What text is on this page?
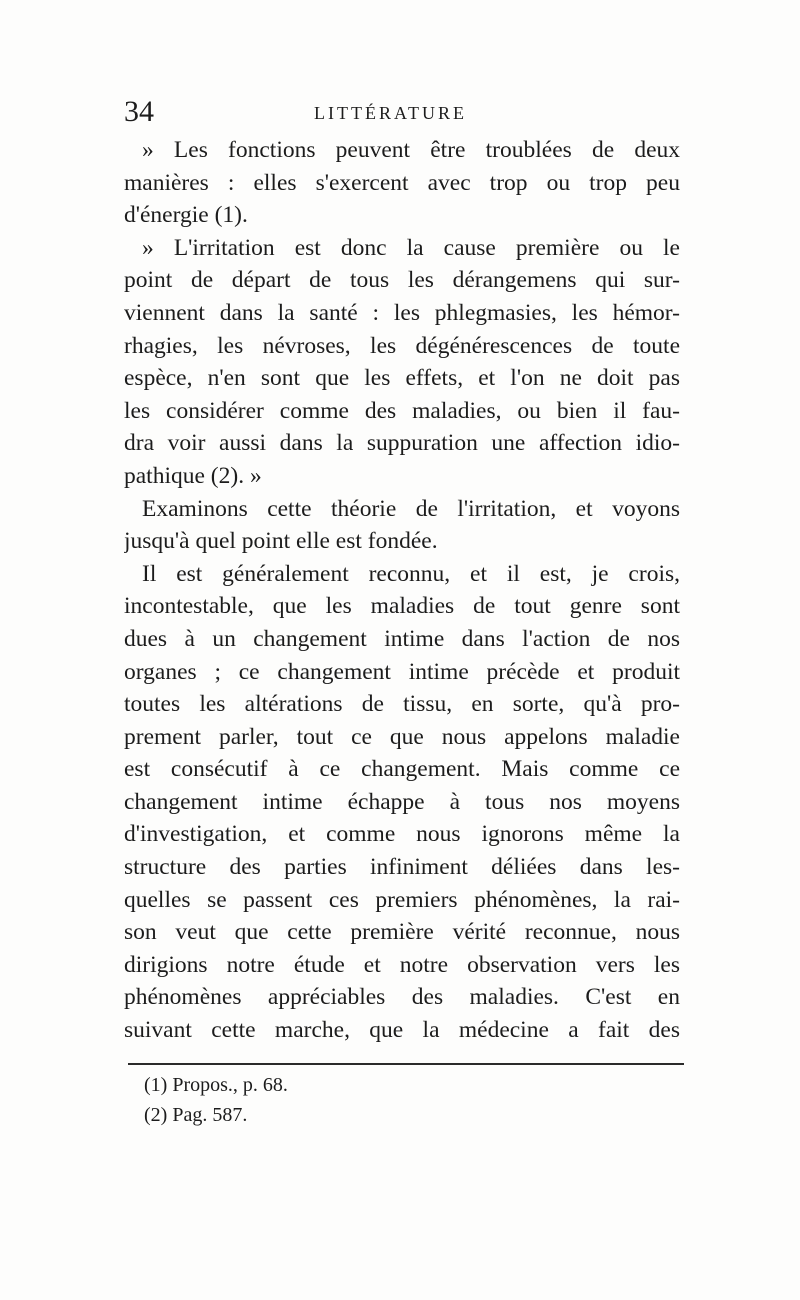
34	LITTÉRATURE
» Les fonctions peuvent être troublées de deux
manières : elles s'exercent avec trop ou trop peu
d'énergie (1).
» L'irritation est donc la cause première ou le
point de départ de tous les dérangemens qui sur-
viennent dans la santé : les phlegmasies, les hémor-
rhagies, les névroses, les dégénérescences de toute
espèce, n'en sont que les effets, et l'on ne doit pas
les considérer comme des maladies, ou bien il fau-
dra voir aussi dans la suppuration une affection idio-
pathique (2). »
Examinons cette théorie de l'irritation, et voyons
jusqu'à quel point elle est fondée.
Il est généralement reconnu, et il est, je crois,
incontestable, que les maladies de tout genre sont
dues à un changement intime dans l'action de nos
organes ; ce changement intime précède et produit
toutes les altérations de tissu, en sorte, qu'à pro-
prement parler, tout ce que nous appelons maladie
est consécutif à ce changement. Mais comme ce
changement intime échappe à tous nos moyens
d'investigation, et comme nous ignorons même la
structure des parties infiniment déliées dans les-
quelles se passent ces premiers phénomènes, la rai-
son veut que cette première vérité reconnue, nous
dirigions notre étude et notre observation vers les
phénomènes appréciables des maladies. C'est en
suivant cette marche, que la médecine a fait des
(1) Propos., p. 68.
(2) Pag. 587.
